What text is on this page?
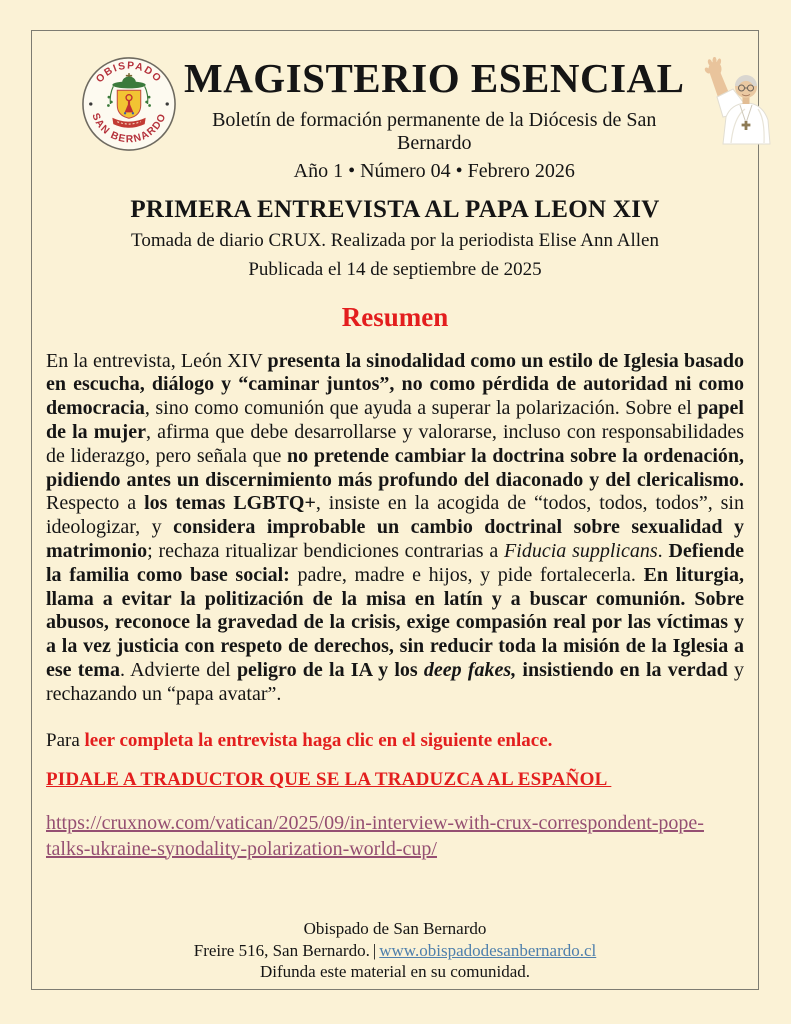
OBISPADO
SAN BERNARDO
MAGISTERIO ESENCIAL
Boletín de formación permanente de la Diócesis de San Bernardo
Año 1 • Número 04 • Febrero 2026
PRIMERA ENTREVISTA AL PAPA LEON XIV
Tomada de diario CRUX. Realizada por la periodista Elise Ann Allen
Publicada el 14 de septiembre de 2025
Resumen

En la entrevista, León XIV presenta la sinodalidad como un estilo de Iglesia basado en escucha, diálogo y “caminar juntos”, no como pérdida de autoridad ni como democracia, sino como comunión que ayuda a superar la polarización. Sobre el papel de la mujer, afirma que debe desarrollarse y valorarse, incluso con responsabilidades de liderazgo, pero señala que no pretende cambiar la doctrina sobre la ordenación, pidiendo antes un discernimiento más profundo del diaconado y del clericalismo. Respecto a los temas LGBTQ+, insiste en la acogida de “todos, todos, todos”, sin ideologizar, y considera improbable un cambio doctrinal sobre sexualidad y matrimonio; rechaza ritualizar bendiciones contrarias a Fiducia supplicans. Defiende la familia como base social: padre, madre e hijos, y pide fortalecerla. En liturgia, llama a evitar la politización de la misa en latín y a buscar comunión. Sobre abusos, reconoce la gravedad de la crisis, exige compasión real por las víctimas y a la vez justicia con respeto de derechos, sin reducir toda la misión de la Iglesia a ese tema. Advierte del peligro de la IA y los deep fakes, insistiendo en la verdad y rechazando un “papa avatar”.

Para leer completa la entrevista haga clic en el siguiente enlace.

PIDALE A TRADUCTOR QUE SE LA TRADUZCA AL ESPAÑOL

https://cruxnow.com/vatican/2025/09/in-interview-with-crux-correspondent-pope-talks-ukraine-synodality-polarization-world-cup/
Obispado de San Bernardo
Freire 516, San Bernardo. | www.obispadodesanbernardo.cl
Difunda este material en su comunidad.
